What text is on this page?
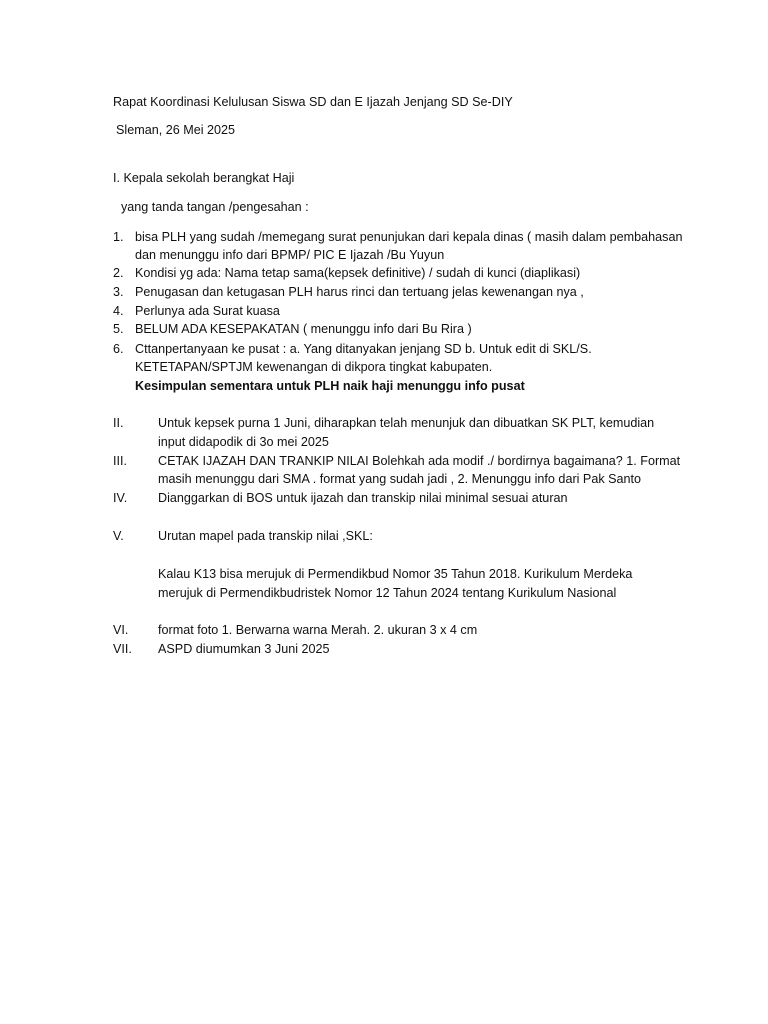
Rapat Koordinasi Kelulusan Siswa SD dan E Ijazah Jenjang SD Se-DIY
Sleman, 26 Mei 2025
I. Kepala sekolah berangkat Haji
yang tanda tangan /pengesahan :
1. bisa PLH yang sudah /memegang surat penunjukan dari kepala dinas ( masih dalam pembahasan
dan menunggu info dari BPMP/ PIC E Ijazah /Bu Yuyun
2. Kondisi yg ada: Nama tetap sama(kepsek definitive) / sudah di kunci (diaplikasi)
3. Penugasan dan ketugasan PLH harus rinci dan tertuang jelas kewenangan nya ,
4. Perlunya ada Surat kuasa
5. BELUM ADA KESEPAKATAN ( menunggu info dari Bu Rira )
6. Cttanpertanyaan ke pusat : a. Yang ditanyakan jenjang SD b. Untuk edit di SKL/S.
KETETAPAN/SPTJM kewenangan di dikpora tingkat kabupaten.
Kesimpulan sementara untuk PLH naik haji menunggu info pusat
II.	Untuk kepsek purna 1 Juni, diharapkan telah menunjuk dan dibuatkan SK PLT, kemudian
input didapodik di 3o mei 2025
III. CETAK IJAZAH DAN TRANKIP NILAI Bolehkah ada modif ./ bordirnya bagaimana? 1. Format
masih menunggu dari SMA . format yang sudah jadi , 2. Menunggu info dari Pak Santo
IV. Dianggarkan di BOS untuk ijazah dan transkip nilai minimal sesuai aturan
V.	Urutan mapel pada transkip nilai ,SKL:
Kalau K13 bisa merujuk di Permendikbud Nomor 35 Tahun 2018. Kurikulum Merdeka
merujuk di Permendikbudristek Nomor 12 Tahun 2024 tentang Kurikulum Nasional
VI. format foto 1. Berwarna warna Merah. 2. ukuran 3 x 4 cm
VII. ASPD diumumkan 3 Juni 2025
